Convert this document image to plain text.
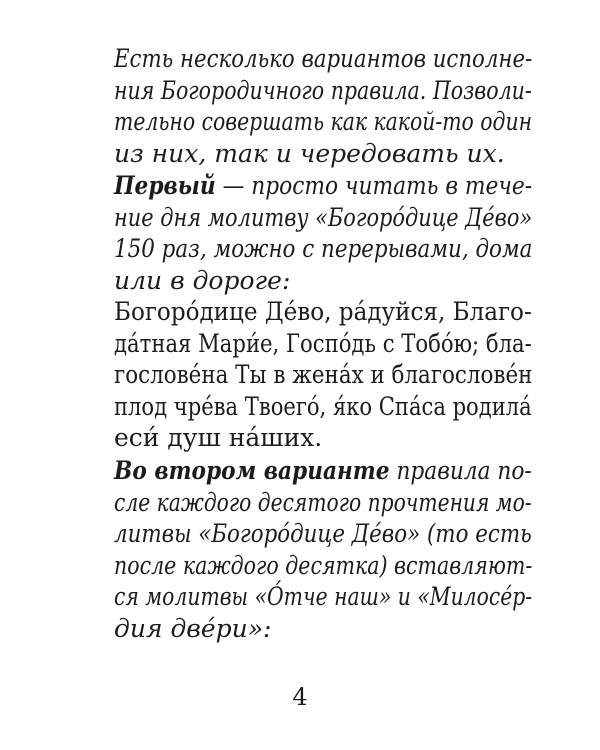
Есть несколько вариантов исполне-
ния Богородичного правила. Позволи-
тельно совершать как какой-то один
из них, так и чередовать их.
Первый — просто читать в тече-
ние дня молитву «Богоро́дице Де́во»
150 раз, можно с перерывами, дома
или в дороге:
Богоро́дице Де́во, ра́дуйся, Благо-
да́тная Мари́е, Госпо́дь с Тобо́ю; бла-
гослове́на Ты в жена́х и благослове́н
плод чре́ва Твоего́, я́ко Спа́са родила́
еси́ душ на́ших.
Во втором варианте правила по-
сле каждого десятого прочтения мо-
литвы «Богоро́дице Де́во» (то есть
после каждого десятка) вставляют-
ся молитвы «О́тче наш» и «Милосе́р-
дия две́ри»:
4
